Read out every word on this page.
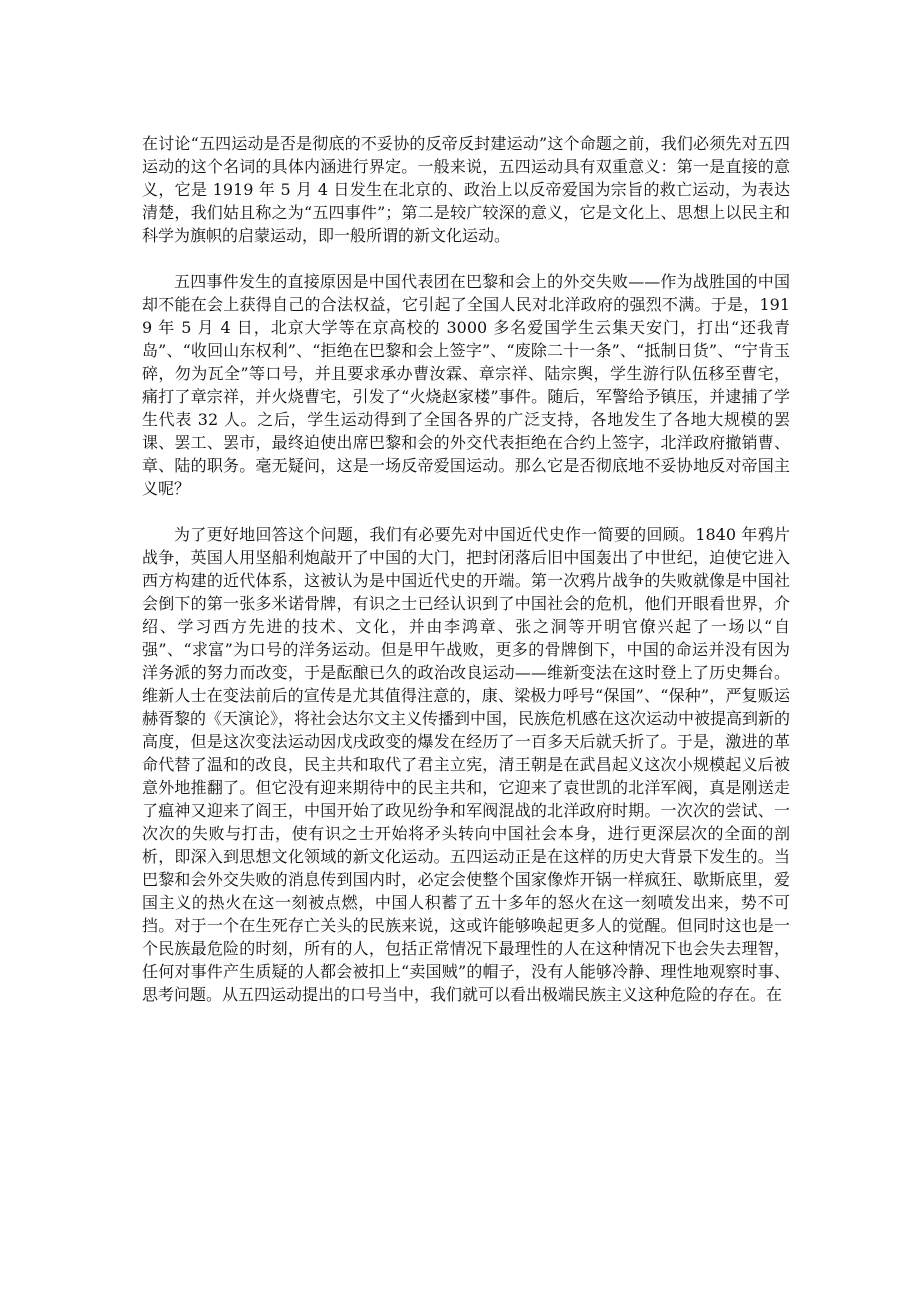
在讨论“五四运动是否是彻底的不妥协的反帝反封建运动”这个命题之前，我们必须先对五四运动的这个名词的具体内涵进行界定。一般来说，五四运动具有双重意义：第一是直接的意义，它是 1919 年 5 月 4 日发生在北京的、政治上以反帝爱国为宗旨的救亡运动，为表达清楚，我们姑且称之为“五四事件”；第二是较广较深的意义，它是文化上、思想上以民主和科学为旗帜的启蒙运动，即一般所谓的新文化运动。

五四事件发生的直接原因是中国代表团在巴黎和会上的外交失败——作为战胜国的中国却不能在会上获得自己的合法权益，它引起了全国人民对北洋政府的强烈不满。于是，1919 年 5 月 4 日，北京大学等在京高校的 3000 多名爱国学生云集天安门，打出“还我青岛”、“收回山东权利”、“拒绝在巴黎和会上签字”、“废除二十一条”、“抵制日货”、“宁肯玉碎，勿为瓦全”等口号，并且要求承办曹汝霖、章宗祥、陆宗舆，学生游行队伍移至曹宅，痛打了章宗祥，并火烧曹宅，引发了“火烧赵家楼”事件。随后，军警给予镇压，并逮捕了学生代表 32 人。之后，学生运动得到了全国各界的广泛支持，各地发生了各地大规模的罢课、罢工、罢市，最终迫使出席巴黎和会的外交代表拒绝在合约上签字，北洋政府撤销曹、章、陆的职务。毫无疑问，这是一场反帝爱国运动。那么它是否彻底地不妥协地反对帝国主义呢？

为了更好地回答这个问题，我们有必要先对中国近代史作一简要的回顾。1840 年鸦片战争，英国人用坚船利炮敲开了中国的大门，把封闭落后旧中国轰出了中世纪，迫使它进入西方构建的近代体系，这被认为是中国近代史的开端。第一次鸦片战争的失败就像是中国社会倒下的第一张多米诺骨牌，有识之士已经认识到了中国社会的危机，他们开眼看世界，介绍、学习西方先进的技术、文化，并由李鸿章、张之洞等开明官僚兴起了一场以“自强”、“求富”为口号的洋务运动。但是甲午战败，更多的骨牌倒下，中国的命运并没有因为洋务派的努力而改变，于是酝酿已久的政治改良运动——维新变法在这时登上了历史舞台。维新人士在变法前后的宣传是尤其值得注意的，康、梁极力呼号“保国”、“保种”，严复贩运赫胥黎的《天演论》，将社会达尔文主义传播到中国，民族危机感在这次运动中被提高到新的高度，但是这次变法运动因戊戌政变的爆发在经历了一百多天后就夭折了。于是，激进的革命代替了温和的改良，民主共和取代了君主立宪，清王朝是在武昌起义这次小规模起义后被意外地推翻了。但它没有迎来期待中的民主共和，它迎来了袁世凯的北洋军阀，真是刚送走了瘟神又迎来了阎王，中国开始了政见纷争和军阀混战的北洋政府时期。一次次的尝试、一次次的失败与打击，使有识之士开始将矛头转向中国社会本身，进行更深层次的全面的剖析，即深入到思想文化领域的新文化运动。五四运动正是在这样的历史大背景下发生的。当巴黎和会外交失败的消息传到国内时，必定会使整个国家像炸开锅一样疯狂、歇斯底里，爱国主义的热火在这一刻被点燃，中国人积蓄了五十多年的怒火在这一刻喷发出来，势不可挡。对于一个在生死存亡关头的民族来说，这或许能够唤起更多人的觉醒。但同时这也是一个民族最危险的时刻，所有的人，包括正常情况下最理性的人在这种情况下也会失去理智，任何对事件产生质疑的人都会被扣上“卖国贼”的帽子，没有人能够冷静、理性地观察时事、思考问题。从五四运动提出的口号当中，我们就可以看出极端民族主义这种危险的存在。在
